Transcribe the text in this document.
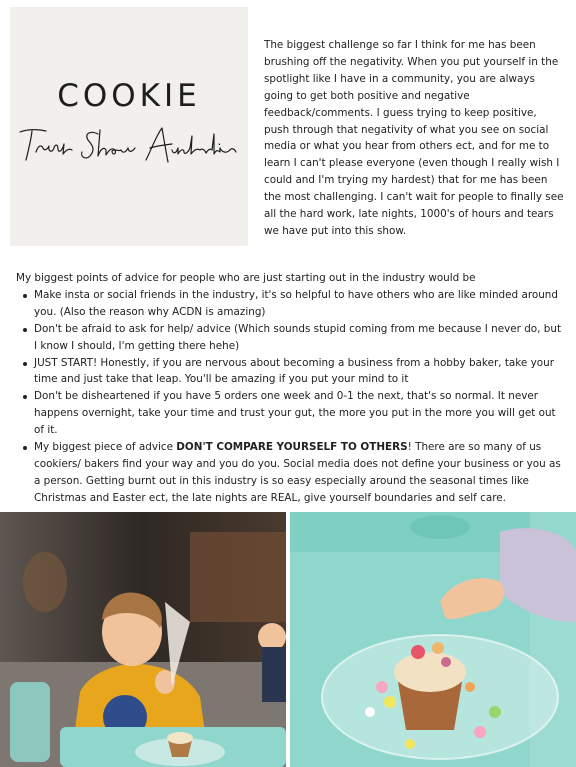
COOKIE

The biggest challenge so far I think for me has been brushing off the negativity. When you put yourself in the spotlight like I have in a community, you are always going to get both positive and negative feedback/comments. I guess trying to keep positive, push through that negativity of what you see on social media or what you hear from others ect, and for me to learn I can't please everyone (even though I really wish I could and I'm trying my hardest) that for me has been the most challenging. I can't wait for people to finally see all the hard work, late nights, 1000's of hours and tears we have put into this show.

My biggest points of advice for people who are just starting out in the industry would be

Make insta or social friends in the industry, it's so helpful to have others who are like minded around you. (Also the reason why ACDN is amazing)
Don't be afraid to ask for help/ advice (Which sounds stupid coming from me because I never do, but I know I should, I'm getting there hehe)
JUST START! Honestly, if you are nervous about becoming a business from a hobby baker, take your time and just take that leap. You'll be amazing if you put your mind to it
Don't be disheartened if you have 5 orders one week and 0-1 the next, that's so normal. It never happens overnight, take your time and trust your gut, the more you put in the more you will get out of it.
My biggest piece of advice DON'T COMPARE YOURSELF TO OTHERS! There are so many of us cookiers/ bakers find your way and you do you. Social media does not define your business or you as a person. Getting burnt out in this industry is so easy especially around the seasonal times like Christmas and Easter ect, the late nights are REAL, give yourself boundaries and self care.
